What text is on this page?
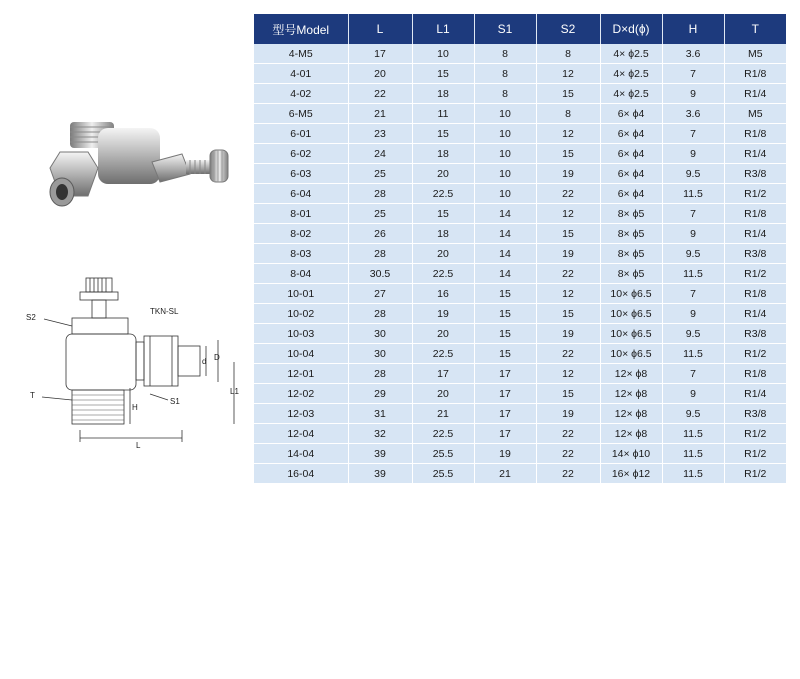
TKN-SL
S2
T
S1
H
L
d D
L1
型号Model	L	L1	S1	S2	D×d(ϕ)	H	T
4-M5	17	10	8	8	4× ϕ2.5	3.6	M5
4-01	20	15	8	12	4× ϕ2.5	7	R1/8
4-02	22	18	8	15	4× ϕ2.5	9	R1/4
6-M5	21	11	10	8	6× ϕ4	3.6	M5
6-01	23	15	10	12	6× ϕ4	7	R1/8
6-02	24	18	10	15	6× ϕ4	9	R1/4
6-03	25	20	10	19	6× ϕ4	9.5	R3/8
6-04	28	22.5	10	22	6× ϕ4	11.5	R1/2
8-01	25	15	14	12	8× ϕ5	7	R1/8
8-02	26	18	14	15	8× ϕ5	9	R1/4
8-03	28	20	14	19	8× ϕ5	9.5	R3/8
8-04	30.5	22.5	14	22	8× ϕ5	11.5	R1/2
10-01	27	16	15	12	10× ϕ6.5	7	R1/8
10-02	28	19	15	15	10× ϕ6.5	9	R1/4
10-03	30	20	15	19	10× ϕ6.5	9.5	R3/8
10-04	30	22.5	15	22	10× ϕ6.5	11.5	R1/2
12-01	28	17	17	12	12× ϕ8	7	R1/8
12-02	29	20	17	15	12× ϕ8	9	R1/4
12-03	31	21	17	19	12× ϕ8	9.5	R3/8
12-04	32	22.5	17	22	12× ϕ8	11.5	R1/2
14-04	39	25.5	19	22	14× ϕ10	11.5	R1/2
16-04	39	25.5	21	22	16× ϕ12	11.5	R1/2
